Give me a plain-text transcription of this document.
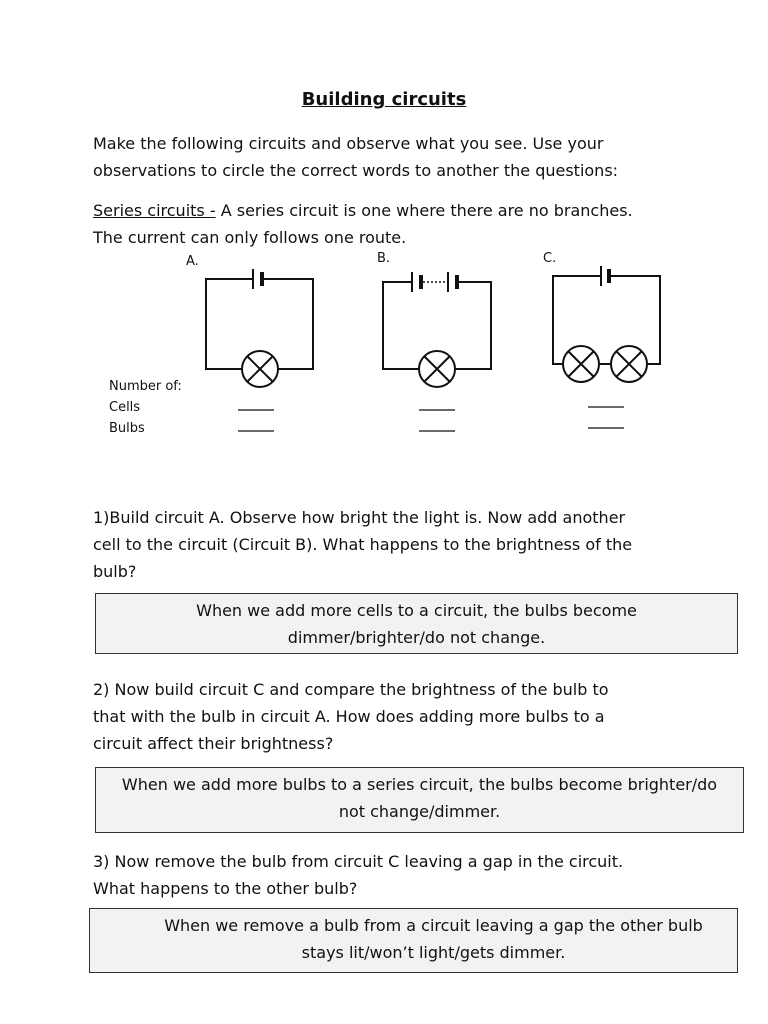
Building circuits
Make the following circuits and observe what you see. Use your
observations to circle the correct words to another the questions:
Series circuits - A series circuit is one where there are no branches.
The current can only follows one route.
A.	B.	C.
Number of:
Cells
Bulbs
1)Build circuit A. Observe how bright the light is. Now add another
cell to the circuit (Circuit B). What happens to the brightness of the
bulb?
When we add more cells to a circuit, the bulbs become
dimmer/brighter/do not change.
2) Now build circuit C and compare the brightness of the bulb to
that with the bulb in circuit A. How does adding more bulbs to a
circuit affect their brightness?
When we add more bulbs to a series circuit, the bulbs become brighter/do
not change/dimmer.
3) Now remove the bulb from circuit C leaving a gap in the circuit.
What happens to the other bulb?
When we remove a bulb from a circuit leaving a gap the other bulb
stays lit/won’t light/gets dimmer.
